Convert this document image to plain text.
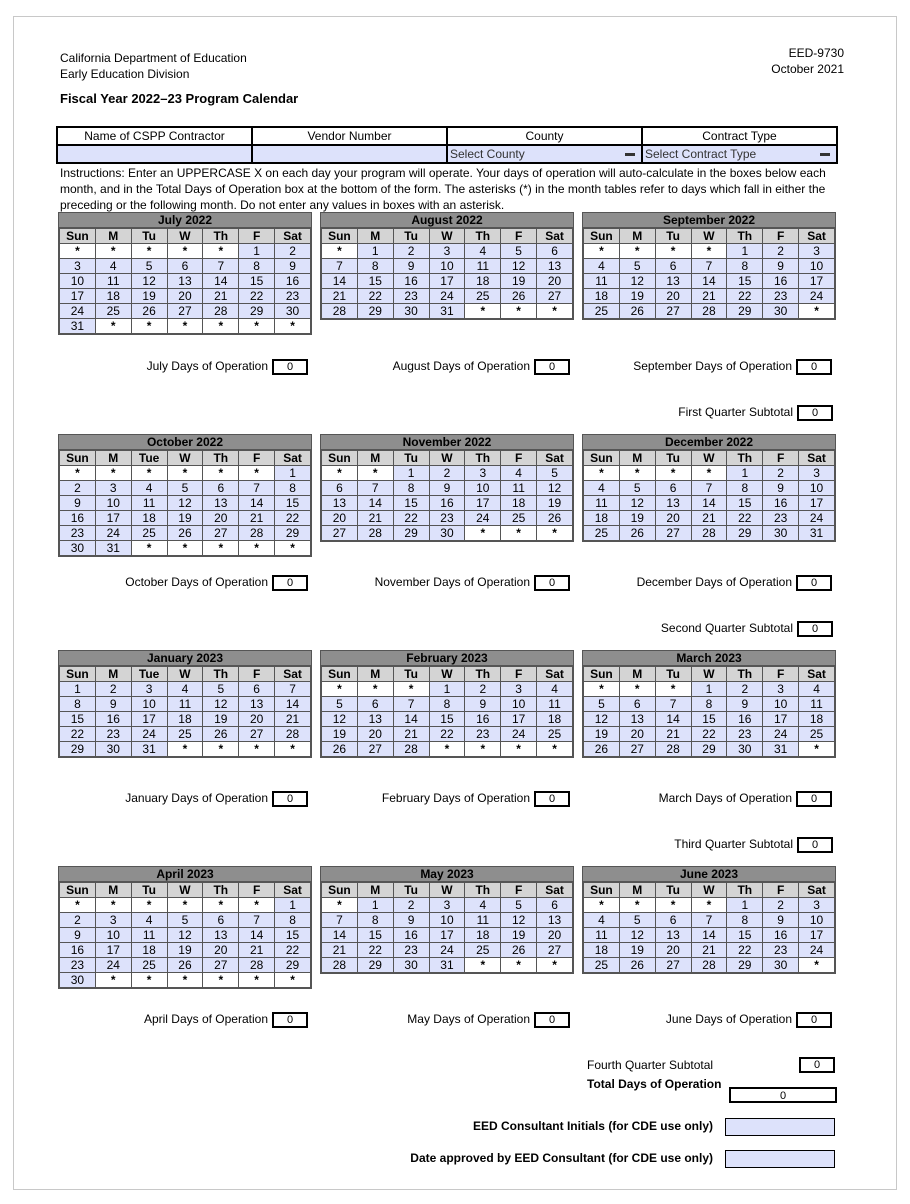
California Department of Education
Early Education Division
EED-9730
October 2021
Fiscal Year 2022–23 Program Calendar
Name of CSPP Contractor	Vendor Number	County	Contract Type

		Select County ▬	Select Contract Type ▬
Instructions: Enter an UPPERCASE X on each day your program will operate. Your days of operation will auto-calculate in the boxes below each month, and in the Total Days of Operation box at the bottom of the form. The asterisks (*) in the month tables refer to days which fall in either the preceding or the following month. Do not enter any values in boxes with an asterisk.
July 2022
Sun	M	Tu	W	Th	F	Sat
*	*	*	*	*	1	2
3	4	5	6	7	8	9
10	11	12	13	14	15	16
17	18	19	20	21	22	23
24	25	26	27	28	29	30
31	*	*	*	*	*	*
July Days of Operation 0
August 2022
Sun	M	Tu	W	Th	F	Sat
*	1	2	3	4	5	6
7	8	9	10	11	12	13
14	15	16	17	18	19	20
21	22	23	24	25	26	27
28	29	30	31	*	*	*
August Days of Operation 0
September 2022
Sun	M	Tu	W	Th	F	Sat
*	*	*	*	1	2	3
4	5	6	7	8	9	10
11	12	13	14	15	16	17
18	19	20	21	22	23	24
25	26	27	28	29	30	*
September Days of Operation 0
October 2022
Sun	M	Tue	W	Th	F	Sat
*	*	*	*	*	*	1
2	3	4	5	6	7	8
9	10	11	12	13	14	15
16	17	18	19	20	21	22
23	24	25	26	27	28	29
30	31	*	*	*	*	*
October Days of Operation 0
November 2022
Sun	M	Tu	W	Th	F	Sat
*	*	1	2	3	4	5
6	7	8	9	10	11	12
13	14	15	16	17	18	19
20	21	22	23	24	25	26
27	28	29	30	*	*	*
November Days of Operation 0
December 2022
Sun	M	Tu	W	Th	F	Sat
*	*	*	*	1	2	3
4	5	6	7	8	9	10
11	12	13	14	15	16	17
18	19	20	21	22	23	24
25	26	27	28	29	30	31
December Days of Operation 0
January 2023
Sun	M	Tue	W	Th	F	Sat
1	2	3	4	5	6	7
8	9	10	11	12	13	14
15	16	17	18	19	20	21
22	23	24	25	26	27	28
29	30	31	*	*	*	*
January Days of Operation 0
February 2023
Sun	M	Tu	W	Th	F	Sat
*	*	*	1	2	3	4
5	6	7	8	9	10	11
12	13	14	15	16	17	18
19	20	21	22	23	24	25
26	27	28	*	*	*	*
February Days of Operation 0
March 2023
Sun	M	Tu	W	Th	F	Sat
*	*	*	1	2	3	4
5	6	7	8	9	10	11
12	13	14	15	16	17	18
19	20	21	22	23	24	25
26	27	28	29	30	31	*
March Days of Operation 0
April 2023
Sun	M	Tu	W	Th	F	Sat
*	*	*	*	*	*	1
2	3	4	5	6	7	8
9	10	11	12	13	14	15
16	17	18	19	20	21	22
23	24	25	26	27	28	29
30	*	*	*	*	*	*
April Days of Operation 0
May 2023
Sun	M	Tu	W	Th	F	Sat
*	1	2	3	4	5	6
7	8	9	10	11	12	13
14	15	16	17	18	19	20
21	22	23	24	25	26	27
28	29	30	31	*	*	*
May Days of Operation 0
June 2023
Sun	M	Tu	W	Th	F	Sat
*	*	*	*	1	2	3
4	5	6	7	8	9	10
11	12	13	14	15	16	17
18	19	20	21	22	23	24
25	26	27	28	29	30	*
June Days of Operation 0
First Quarter Subtotal 0
Second Quarter Subtotal 0
Third Quarter Subtotal 0
Fourth Quarter Subtotal	0
Total Days of Operation
0
EED Consultant Initials (for CDE use only)
Date approved by EED Consultant (for CDE use only)
